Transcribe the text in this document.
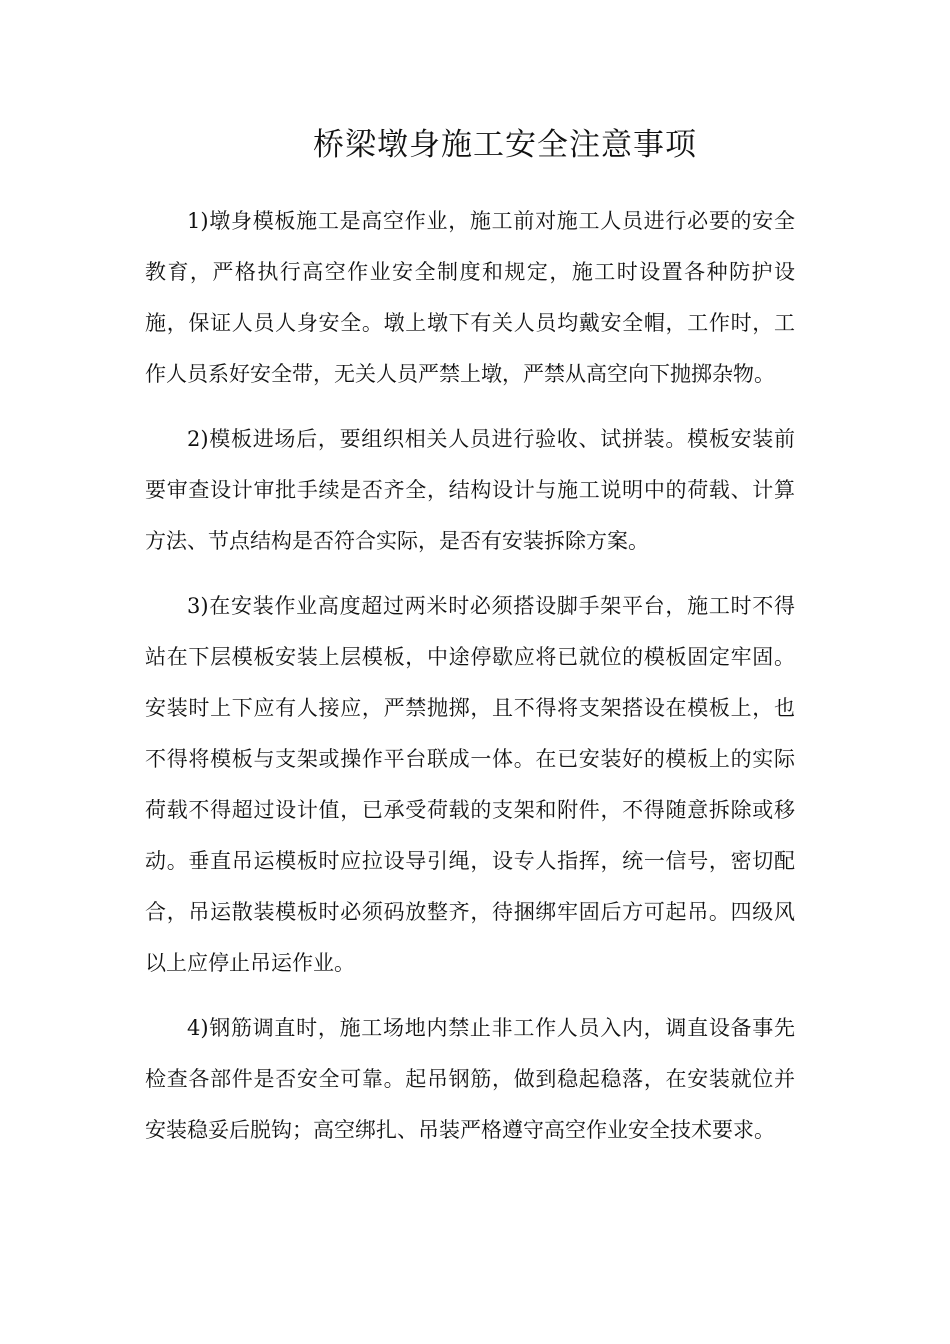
桥梁墩身施工安全注意事项

1)墩身模板施工是高空作业，施工前对施工人员进行必要的安全教育，严格执行高空作业安全制度和规定，施工时设置各种防护设施，保证人员人身安全。墩上墩下有关人员均戴安全帽，工作时，工作人员系好安全带，无关人员严禁上墩，严禁从高空向下抛掷杂物。

2)模板进场后，要组织相关人员进行验收、试拼装。模板安装前要审查设计审批手续是否齐全，结构设计与施工说明中的荷载、计算方法、节点结构是否符合实际，是否有安装拆除方案。

3)在安装作业高度超过两米时必须搭设脚手架平台，施工时不得站在下层模板安装上层模板，中途停歇应将已就位的模板固定牢固。安装时上下应有人接应，严禁抛掷，且不得将支架搭设在模板上，也不得将模板与支架或操作平台联成一体。在已安装好的模板上的实际荷载不得超过设计值，已承受荷载的支架和附件，不得随意拆除或移动。垂直吊运模板时应拉设导引绳，设专人指挥，统一信号，密切配合，吊运散装模板时必须码放整齐，待捆绑牢固后方可起吊。四级风以上应停止吊运作业。

4)钢筋调直时，施工场地内禁止非工作人员入内，调直设备事先检查各部件是否安全可靠。起吊钢筋，做到稳起稳落，在安装就位并安装稳妥后脱钩；高空绑扎、吊装严格遵守高空作业安全技术要求。
